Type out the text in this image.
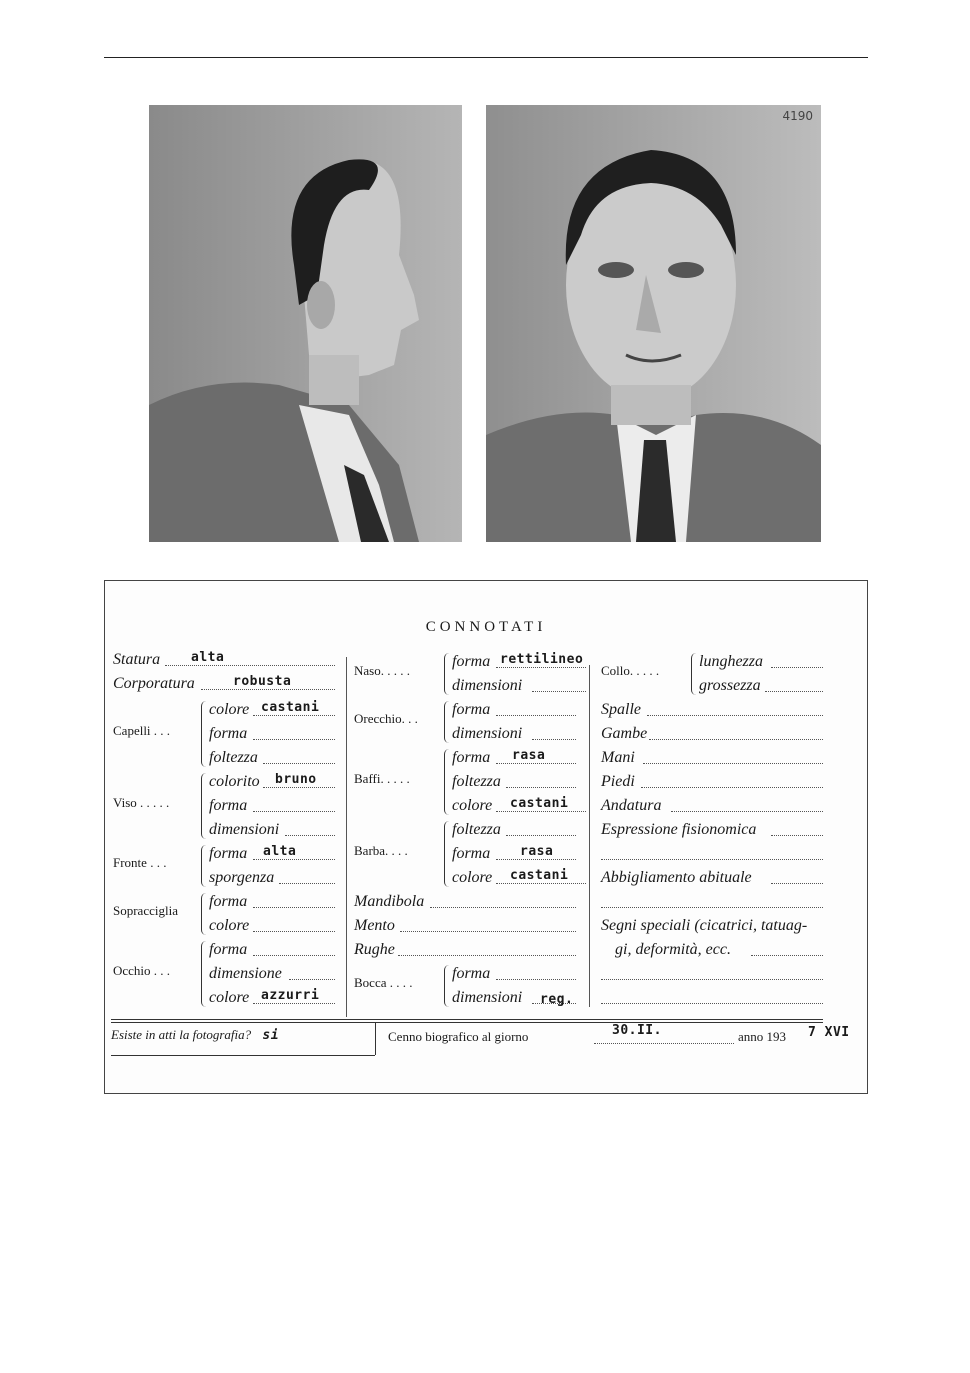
4190
CONNOTATI
Statura alta
Corporatura	robusta
Capelli . . .
colore castani
forma
foltezza
Viso . . . . .
colorito bruno
forma
dimensioni
Fronte . . .
forma alta
sporgenza
Sopracciglia
forma
colore
Occhio . . .
forma
dimensione
colore azzurri
Naso. . . . .
forma rettilineo
dimensioni
Orecchio. . .
forma
dimensioni
Baffi. . . . .
forma rasa
foltezza
colore castani
Barba. . . .
foltezza
forma rasa
colore castani
Mandibola
Mento
Rughe
Bocca . . . .
forma
dimensioni reg.
Collo. . . . .
lunghezza
grossezza
Spalle
Gambe
Mani
Piedi
Andatura
Espressione fisionomica
Abbigliamento abituale
Segni speciali (cicatrici, tatuag-
gi, deformità, ecc.
Esiste in atti la fotografia? si	Cenno biografico al giorno	30.II.	anno 193 7 XVI
